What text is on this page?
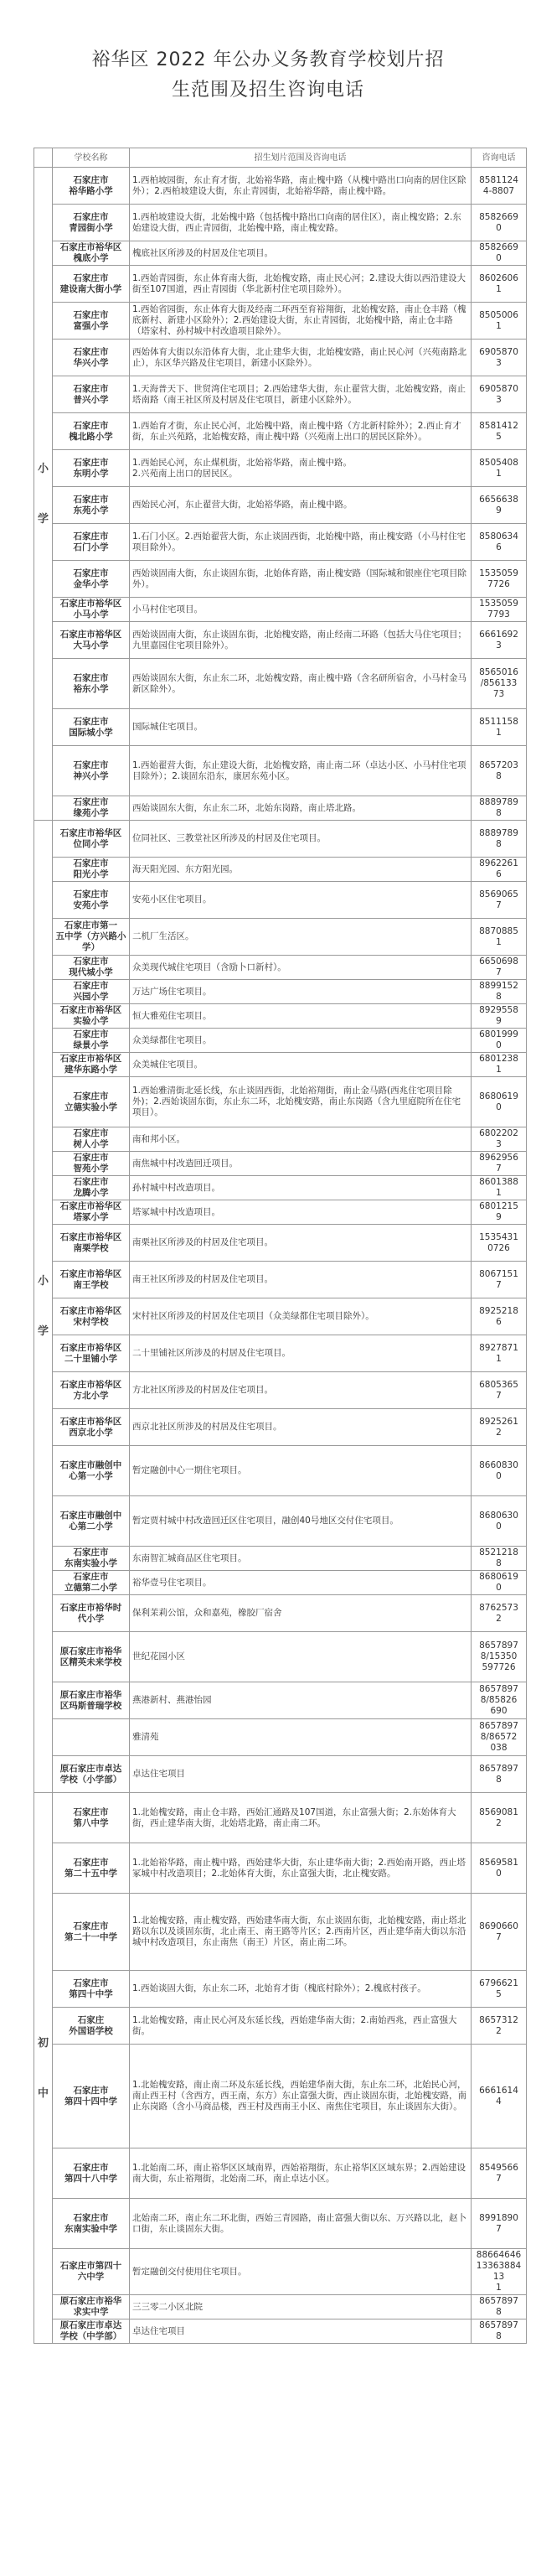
裕华区 2022 年公办义务教育学校划片招
生范围及招生咨询电话
	学校名称	招生划片范围及咨询电话	咨询电话

小
学	石家庄市
裕华路小学	1.西柏坡园街，东止育才街，北始裕华路，南止槐中路（从槐中路出口向南的居住区除外）；2.西柏坡建设大街，东止青园街，北始裕华路，南止槐中路。	8581124
4-8807
	石家庄市
青园街小学	1.西柏坡建设大街，北始槐中路（包括槐中路出口向南的居住区），南止槐安路；2.东始建设大街，西止青园街，北始槐中路，南止槐安路。	8582669
0
	石家庄市裕华区
槐底小学	槐底社区所涉及的村居及住宅项目。	8582669
0
	石家庄市
建设南大街小学	1.西始青园街，东止体育南大街，北始槐安路，南止民心河；2.建设大街以西沿建设大街至107国道，西止青园街（华北新村住宅项目除外）。	8602606
1
	石家庄市
富强小学	1.西始省园街，东止体育大街及经南二环西至育裕翔街，北始槐安路，南止仓丰路（槐底新村、新建小区除外）；2.西始建设大街，东止青园街，北始槐中路，南止仓丰路（塔家村、孙村城中村改造项目除外）。	8505006
1
	石家庄市
华兴小学	西始体育大街以东沿体育大街，北止建华大街，北始槐安路，南止民心河（兴苑南路北止），东区华兴路及住宅项目，新建小区除外）。	6905870
3
	石家庄市
普兴小学	1.天海普天下、世贸湾住宅项目；2.西始建华大街，东止翟营大街，北始槐安路，南止塔南路（南王社区所及村居及住宅项目，新建小区除外）。	6905870
3
	石家庄市
槐北路小学	1.西始育才街，东止民心河，北始槐中路，南止槐中路（方北新村除外）；2.西止育才街，东止兴苑路，北始槐安路，南止槐中路（兴苑南上出口的居民区除外）。	8581412
5
	石家庄市
东明小学	1.西始民心河，东止煤机街，北始裕华路，南止槐中路。
2.兴苑南上出口的居民区。	8505408
1
	石家庄市
东苑小学	西始民心河，东止翟营大街，北始裕华路，南止槐中路。	6656638
9
	石家庄市
石门小学	1.石门小区。2.西始翟营大街，东止谈固西街，北始槐中路，南止槐安路（小马村住宅项目除外）。	8580634
6
	石家庄市
金华小学	西始谈固南大街，东止谈固东街，北始体育路，南止槐安路（国际城和银座住宅项目除外）。	1535059
7726
	石家庄市裕华区
小马小学	小马村住宅项目。	1535059
7793
	石家庄市裕华区
大马小学	西始谈固南大街，东止谈固东街，北始槐安路，南止经南二环路（包括大马住宅项目；九里嘉园住宅项目除外）。	6661692
3
	石家庄市
裕东小学	西始谈固东大街，东止东二环，北始槐安路，南止槐中路（含名研所宿舍，小马村金马新区除外）。	8565016
/856133
73
	石家庄市
国际城小学	国际城住宅项目。	8511158
1
	石家庄市
神兴小学	1.西始翟营大街，东止建设大街，北始槐安路，南止南二环（卓达小区、小马村住宅项目除外）；2.谈固东沿东，康居东苑小区。	8657203
8
	石家庄市
缘苑小学	西始谈固东大街，东止东二环，北始东岗路，南止塔北路。	8889789
8

小
学	石家庄市裕华区
位同小学	位同社区、三教堂社区所涉及的村居及住宅项目。	8889789
8
	石家庄市
阳光小学	海天阳光园、东方阳光园。	8962261
6
	石家庄市
安苑小学	安苑小区住宅项目。	8569065
7
	石家庄市第一
五中学（方兴路小
学）	二机厂生活区。	8870885
1
	石家庄市
现代城小学	众美现代城住宅项目（含励卜口新村）。	6650698
7
	石家庄市
兴园小学	万达广场住宅项目。	8899152
8
	石家庄市裕华区
实验小学	恒大雅苑住宅项目。	8929558
9
	石家庄市
绿景小学	众美绿都住宅项目。	6801999
0
	石家庄市裕华区
建华东路小学	众美城住宅项目。	6801238
1
	石家庄市
立德实验小学	1.西始雅清街北延长线，东止谈固西街，北始裕翔街，南止金马路(西兆住宅项目除外)；2.西始谈固东街，东止东二环，北始槐安路，南止东岗路（含九里庭院所在住宅项目）。	8680619
0
	石家庄市
树人小学	南和邦小区。	6802202
3
	石家庄市
智苑小学	南焦城中村改造回迁项目。	8962956
7
	石家庄市
龙腾小学	孙村城中村改造项目。	8601388
1
	石家庄市裕华区
塔冢小学	塔冢城中村改造项目。	6801215
9
	石家庄市裕华区
南栗学校	南栗社区所涉及的村居及住宅项目。	1535431
0726
	石家庄市裕华区
南王学校	南王社区所涉及的村居及住宅项目。	8067151
7
	石家庄市裕华区
宋村学校	宋村社区所涉及的村居及住宅项目（众美绿都住宅项目除外）。	8925218
6
	石家庄市裕华区
二十里铺小学	二十里铺社区所涉及的村居及住宅项目。	8927871
1
	石家庄市裕华区
方北小学	方北社区所涉及的村居及住宅项目。	6805365
7
	石家庄市裕华区
西京北小学	西京北社区所涉及的村居及住宅项目。	8925261
2
	石家庄市融创中
心第一小学	暂定融创中心一期住宅项目。	8660830
0
	石家庄市融创中
心第二小学	暂定贾村城中村改造回迁区住宅项目，融创40号地区交付住宅项目。	8680630
0
	石家庄市
东南实验小学	东南智汇城商品区住宅项目。	8521218
8
	石家庄市
立德第二小学	裕华壹号住宅项目。	8680619
0
	石家庄市裕华时
代小学	保利茉莉公馆，众和嘉苑，橡胶厂宿舍	8762573
2
	原石家庄市裕华
区精英未来学校	世纪花园小区	8657897
8/15350
597726
	原石家庄市裕华
区玛斯普瑞学校	燕港新村、燕港怡园	8657897
8/85826
690
		雅清苑	8657897
8/86572
038
	原石家庄市卓达
学校（小学部）	卓达住宅项目	8657897
8

初
中	石家庄市
第八中学	1.北始槐安路，南止仓丰路，西始汇通路及107国道，东止富强大街；2.东始体育大街，西止建华南大街，北始塔北路，南止南二环。	8569081
2
	石家庄市
第二十五中学	1.北始裕华路，南止槐中路，西始建华大街，东止建华南大街；2.西始南开路，西止塔冢城中村改造项目；2.北始体育大街，东止富强大街，北止槐安路。	8569581
0
	石家庄市
第二十一中学	1.北始槐安路，南止槐安路，西始建华南大街，东止谈固东街，北始槐安路，南止塔北路以东以及谈固东街，北止南王、南王路等片区；2.西南片区，西止建华南大街以东沿城中村改造项目，东止南焦（南王）片区，南止南二环。	8690660
7
	石家庄市
第四十中学	1.西始谈固大街，东止东二环，北始育才街（槐底村除外）；2.槐底村孩子。	6796621
5
	石家庄
外国语学校	1.北始槐安路，南止民心河及东延长线，西始建华南大街；2.南始西兆，西止富强大街。	8657312
2
	石家庄市
第四十四中学	1.北始槐安路，南止南二环及东延长线，西始建华南大街，东止东二环，北始民心河，南止西王村（含西方，西王南，东方）东止富强大街，西止谈固东街，北始槐安路，南止东岗路（含小马商品楼，西王村及西南王小区、南焦住宅项目，东止谈固东大街）。	6661614
4
	石家庄市
第四十八中学	1.北始南二环，南止裕华区区域南界，西始裕翔街，东止裕华区区域东界；2.西始建设南大街，东止裕翔街，北始南二环，南止卓达小区。	8549566
7
	石家庄市
东南实验中学	北始南二环，南止东二环北街，西始三青园路，南止富强大街以东、万兴路以北，赵卜口街，东止谈固东大街。	8991890
7
	石家庄市第四十
六中学	暂定融创交付使用住宅项目。	88664646
1336388413
1
	原石家庄市裕华
求实中学	三三零二小区北院	8657897
8
	原石家庄市卓达
学校（中学部）	卓达住宅项目	8657897
8
